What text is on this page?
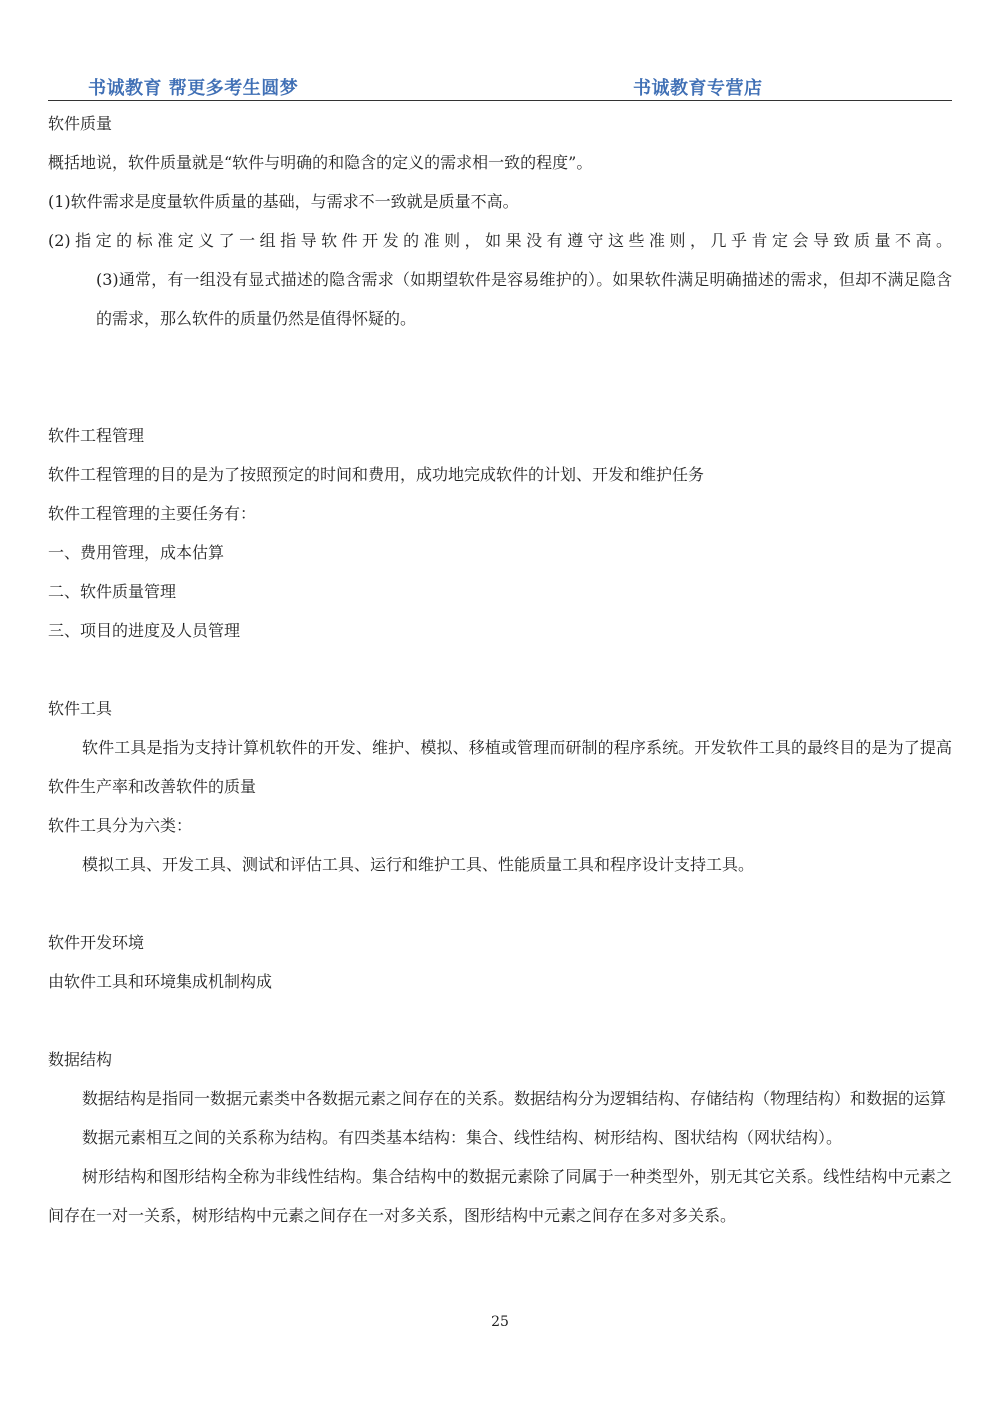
书诚教育 帮更多考生圆梦	书诚教育专营店
软件质量
概括地说，软件质量就是“软件与明确的和隐含的定义的需求相一致的程度”。
(1)软件需求是度量软件质量的基础，与需求不一致就是质量不高。
(2)指定的标准定义了一组指导软件开发的准则，如果没有遵守这些准则，几乎肯定会导致质量不高。(3)通常，有一组没有显式描述的隐含需求（如期望软件是容易维护的）。如果软件满足明确描述的需求，但却不满足隐含的需求，那么软件的质量仍然是值得怀疑的。
软件工程管理
软件工程管理的目的是为了按照预定的时间和费用，成功地完成软件的计划、开发和维护任务
软件工程管理的主要任务有：
一、费用管理，成本估算
二、软件质量管理
三、项目的进度及人员管理
软件工具
软件工具是指为支持计算机软件的开发、维护、模拟、移植或管理而研制的程序系统。开发软件工具的最终目的是为了提高软件生产率和改善软件的质量
软件工具分为六类：
模拟工具、开发工具、测试和评估工具、运行和维护工具、性能质量工具和程序设计支持工具。
软件开发环境
由软件工具和环境集成机制构成
数据结构
数据结构是指同一数据元素类中各数据元素之间存在的关系。数据结构分为逻辑结构、存储结构（物理结构）和数据的运算
数据元素相互之间的关系称为结构。有四类基本结构：集合、线性结构、树形结构、图状结构（网状结构）。
树形结构和图形结构全称为非线性结构。集合结构中的数据元素除了同属于一种类型外，别无其它关系。线性结构中元素之间存在一对一关系，树形结构中元素之间存在一对多关系，图形结构中元素之间存在多对多关系。
25
